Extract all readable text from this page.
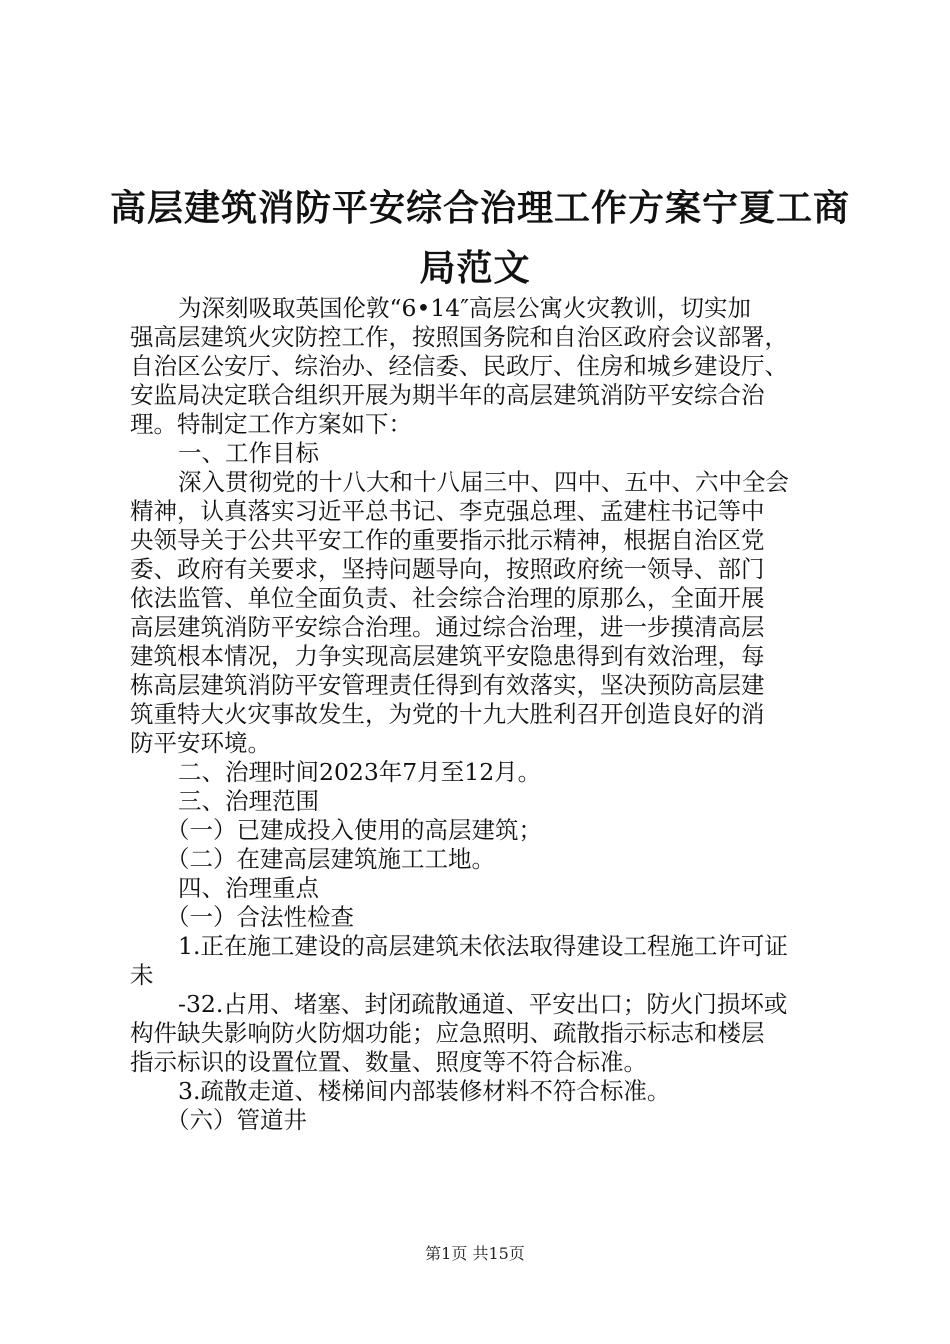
高层建筑消防平安综合治理工作方案宁夏工商
局范文
为深刻吸取英国伦敦“6•14″高层公寓火灾教训，切实加
强高层建筑火灾防控工作，按照国务院和自治区政府会议部署，
自治区公安厅、综治办、经信委、民政厅、住房和城乡建设厅、
安监局决定联合组织开展为期半年的高层建筑消防平安综合治
理。特制定工作方案如下：
一、工作目标
深入贯彻党的十八大和十八届三中、四中、五中、六中全会
精神，认真落实习近平总书记、李克强总理、孟建柱书记等中
央领导关于公共平安工作的重要指示批示精神，根据自治区党
委、政府有关要求，坚持问题导向，按照政府统一领导、部门
依法监管、单位全面负责、社会综合治理的原那么，全面开展
高层建筑消防平安综合治理。通过综合治理，进一步摸清高层
建筑根本情况，力争实现高层建筑平安隐患得到有效治理，每
栋高层建筑消防平安管理责任得到有效落实，坚决预防高层建
筑重特大火灾事故发生，为党的十九大胜利召开创造良好的消
防平安环境。
二、治理时间2023年7月至12月。
三、治理范围
（一）已建成投入使用的高层建筑；
（二）在建高层建筑施工工地。
四、治理重点
（一）合法性检查
1.正在施工建设的高层建筑未依法取得建设工程施工许可证
未
-32.占用、堵塞、封闭疏散通道、平安出口；防火门损坏或
构件缺失影响防火防烟功能；应急照明、疏散指示标志和楼层
指示标识的设置位置、数量、照度等不符合标准。
3.疏散走道、楼梯间内部装修材料不符合标准。
（六）管道井
第1页 共15页
